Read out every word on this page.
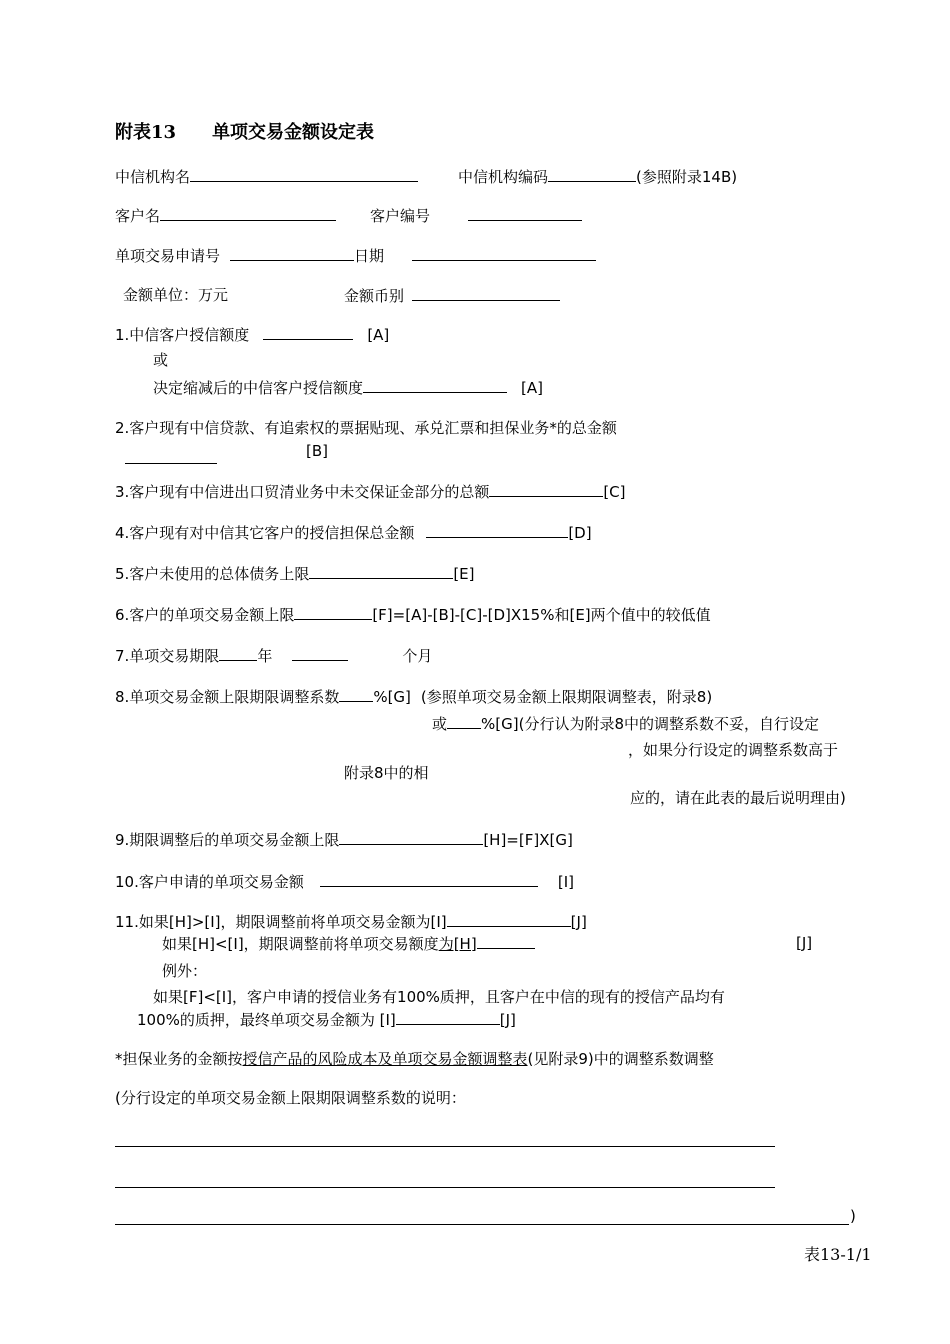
附表13 单项交易金额设定表
中信机构名	中信机构编码	(参照附录14B)
客户名	客户编号
单项交易申请号	日期
金额单位：万元	金额币别
1.中信客户授信额度	[A]
或
决定缩减后的中信客户授信额度	[A]
2.客户现有中信贷款、有追索权的票据贴现、承兑汇票和担保业务*的总金额
[B]
3.客户现有中信进出口贸清业务中未交保证金部分的总额	[C]
4.客户现有对中信其它客户的授信担保总金额	[D]
5.客户未使用的总体债务上限	[E]
6.客户的单项交易金额上限	[F]=[A]-[B]-[C]-[D]X15%和[E]两个值中的较低值
7.单项交易期限	年	个月
8.单项交易金额上限期限调整系数 %[G] (参照单项交易金额上限期限调整表，附录8)
或 %[G](分行认为附录8中的调整系数不妥，自行设定
，如果分行设定的调整系数高于
附录8中的相
应的，请在此表的最后说明理由)
9.期限调整后的单项交易金额上限	[H]=[F]X[G]
10.客户申请的单项交易金额	[I]
11.如果[H]>[I]，期限调整前将单项交易金额为[I]	[J]
如果[H]<[I]，期限调整前将单项交易额度为[H]	[J]
例外：
如果[F]<[I]，客户申请的授信业务有100%质押，且客户在中信的现有的授信产品均有
100%的质押，最终单项交易金额为 [I]	[J]
*担保业务的金额按授信产品的风险成本及单项交易金额调整表(见附录9)中的调整系数调整
(分行设定的单项交易金额上限期限调整系数的说明：
)
表13-1/1
